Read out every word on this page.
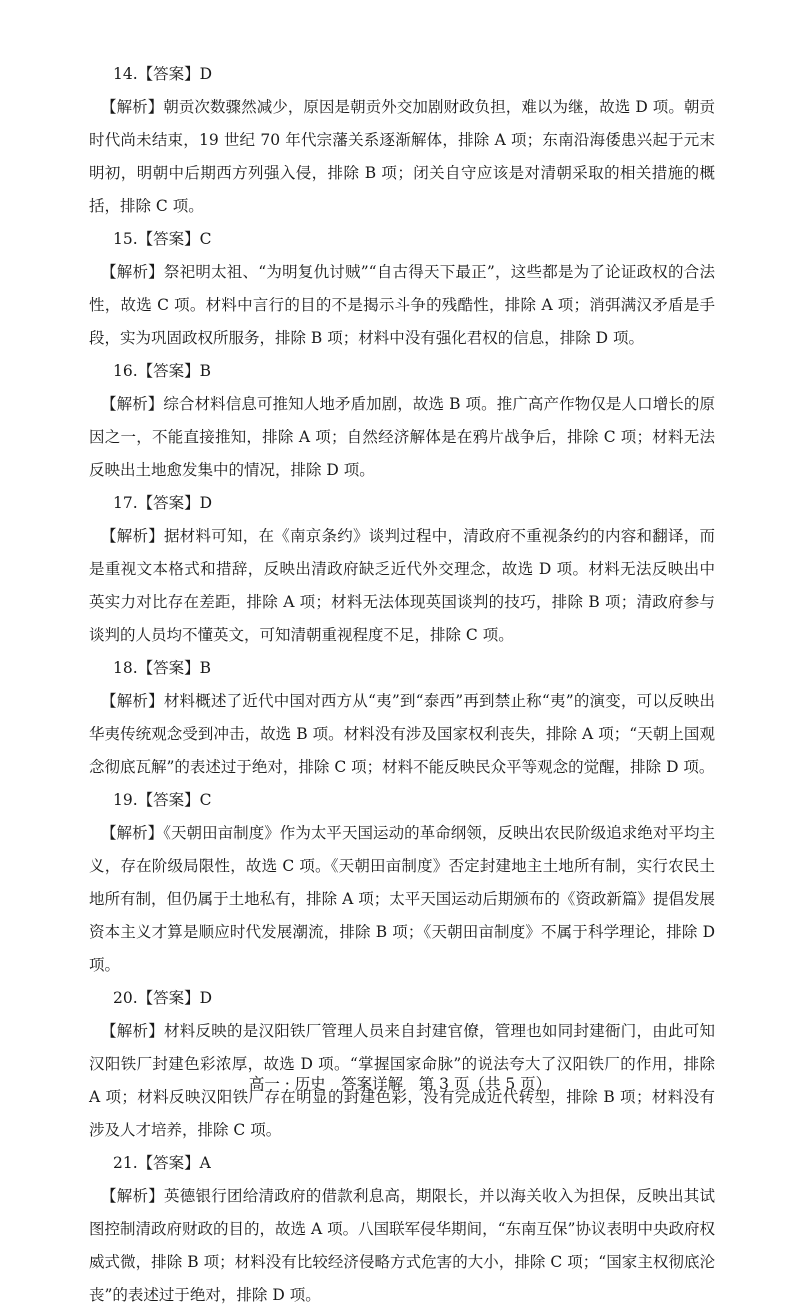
14.【答案】D
【解析】朝贡次数骤然减少，原因是朝贡外交加剧财政负担，难以为继，故选 D 项。朝贡时代尚未结束，19 世纪 70 年代宗藩关系逐渐解体，排除 A 项；东南沿海倭患兴起于元末明初，明朝中后期西方列强入侵，排除 B 项；闭关自守应该是对清朝采取的相关措施的概括，排除 C 项。
15.【答案】C
【解析】祭祀明太祖、“为明复仇讨贼”“自古得天下最正”，这些都是为了论证政权的合法性，故选 C 项。材料中言行的目的不是揭示斗争的残酷性，排除 A 项；消弭满汉矛盾是手段，实为巩固政权所服务，排除 B 项；材料中没有强化君权的信息，排除 D 项。
16.【答案】B
【解析】综合材料信息可推知人地矛盾加剧，故选 B 项。推广高产作物仅是人口增长的原因之一，不能直接推知，排除 A 项；自然经济解体是在鸦片战争后，排除 C 项；材料无法反映出土地愈发集中的情况，排除 D 项。
17.【答案】D
【解析】据材料可知，在《南京条约》谈判过程中，清政府不重视条约的内容和翻译，而是重视文本格式和措辞，反映出清政府缺乏近代外交理念，故选 D 项。材料无法反映出中英实力对比存在差距，排除 A 项；材料无法体现英国谈判的技巧，排除 B 项；清政府参与谈判的人员均不懂英文，可知清朝重视程度不足，排除 C 项。
18.【答案】B
【解析】材料概述了近代中国对西方从“夷”到“泰西”再到禁止称“夷”的演变，可以反映出华夷传统观念受到冲击，故选 B 项。材料没有涉及国家权利丧失，排除 A 项；“天朝上国观念彻底瓦解”的表述过于绝对，排除 C 项；材料不能反映民众平等观念的觉醒，排除 D 项。
19.【答案】C
【解析】《天朝田亩制度》作为太平天国运动的革命纲领，反映出农民阶级追求绝对平均主义，存在阶级局限性，故选 C 项。《天朝田亩制度》否定封建地主土地所有制，实行农民土地所有制，但仍属于土地私有，排除 A 项；太平天国运动后期颁布的《资政新篇》提倡发展资本主义才算是顺应时代发展潮流，排除 B 项；《天朝田亩制度》不属于科学理论，排除 D 项。
20.【答案】D
【解析】材料反映的是汉阳铁厂管理人员来自封建官僚，管理也如同封建衙门，由此可知汉阳铁厂封建色彩浓厚，故选 D 项。“掌握国家命脉”的说法夸大了汉阳铁厂的作用，排除 A 项；材料反映汉阳铁厂存在明显的封建色彩，没有完成近代转型，排除 B 项；材料没有涉及人才培养，排除 C 项。
21.【答案】A
【解析】英德银行团给清政府的借款利息高，期限长，并以海关收入为担保，反映出其试图控制清政府财政的目的，故选 A 项。八国联军侵华期间，“东南互保”协议表明中央政府权威式微，排除 B 项；材料没有比较经济侵略方式危害的大小，排除 C 项；“国家主权彻底沦丧”的表述过于绝对，排除 D 项。
高一 · 历史　答案详解　第 3 页（共 5 页）
